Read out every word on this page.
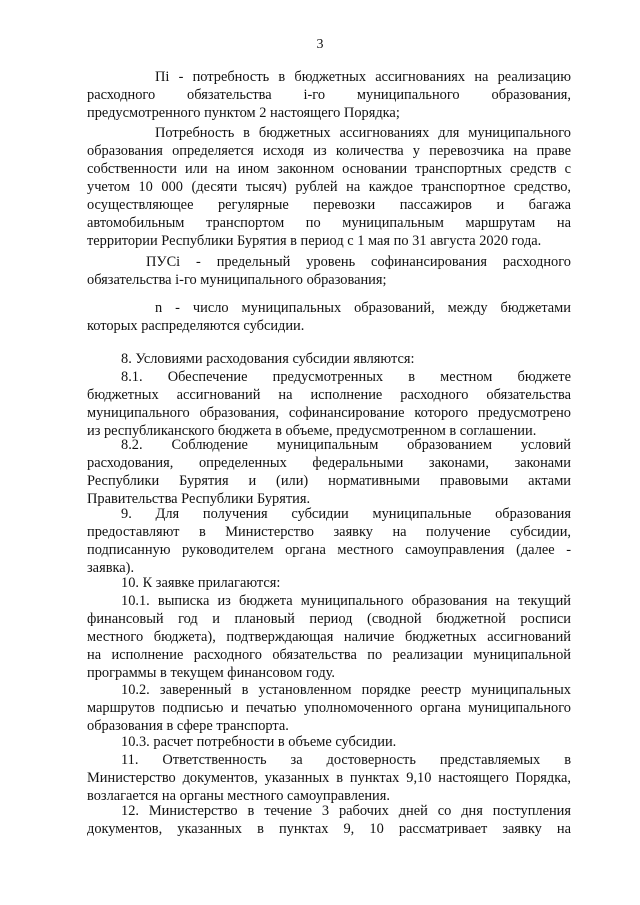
3
Пi - потребность в бюджетных ассигнованиях на реализацию
расходного обязательства i-го муниципального образования,
предусмотренного пунктом 2 настоящего Порядка;
Потребность в бюджетных ассигнованиях для муниципального
образования определяется исходя из количества у перевозчика на праве
собственности или на ином законном основании транспортных средств с
учетом 10 000 (десяти тысяч) рублей на каждое транспортное средство,
осуществляющее регулярные перевозки пассажиров и багажа
автомобильным транспортом по муниципальным маршрутам на
территории Республики Бурятия в период с 1 мая по 31 августа 2020 года.
ПУСi - предельный уровень софинансирования расходного
обязательства i-го муниципального образования;
n - число муниципальных образований, между бюджетами
которых распределяются субсидии.
8. Условиями расходования субсидии являются:
8.1. Обеспечение предусмотренных в местном бюджете
бюджетных ассигнований на исполнение расходного обязательства
муниципального образования, софинансирование которого предусмотрено
из республиканского бюджета в объеме, предусмотренном в соглашении.
8.2. Соблюдение муниципальным образованием условий
расходования, определенных федеральными законами, законами
Республики Бурятия и (или) нормативными правовыми актами
Правительства Республики Бурятия.
9. Для получения субсидии муниципальные образования
предоставляют в Министерство заявку на получение субсидии,
подписанную руководителем органа местного самоуправления (далее -
заявка).
10. К заявке прилагаются:
10.1. выписка из бюджета муниципального образования на текущий
финансовый год и плановый период (сводной бюджетной росписи
местного бюджета), подтверждающая наличие бюджетных ассигнований
на исполнение расходного обязательства по реализации муниципальной
программы в текущем финансовом году.
10.2. заверенный в установленном порядке реестр муниципальных
маршрутов подписью и печатью уполномоченного органа муниципального
образования в сфере транспорта.
10.3. расчет потребности в объеме субсидии.
11. Ответственность за достоверность представляемых в
Министерство документов, указанных в пунктах 9,10 настоящего Порядка,
возлагается на органы местного самоуправления.
12. Министерство в течение 3 рабочих дней со дня поступления
документов, указанных в пунктах 9, 10 рассматривает заявку на
